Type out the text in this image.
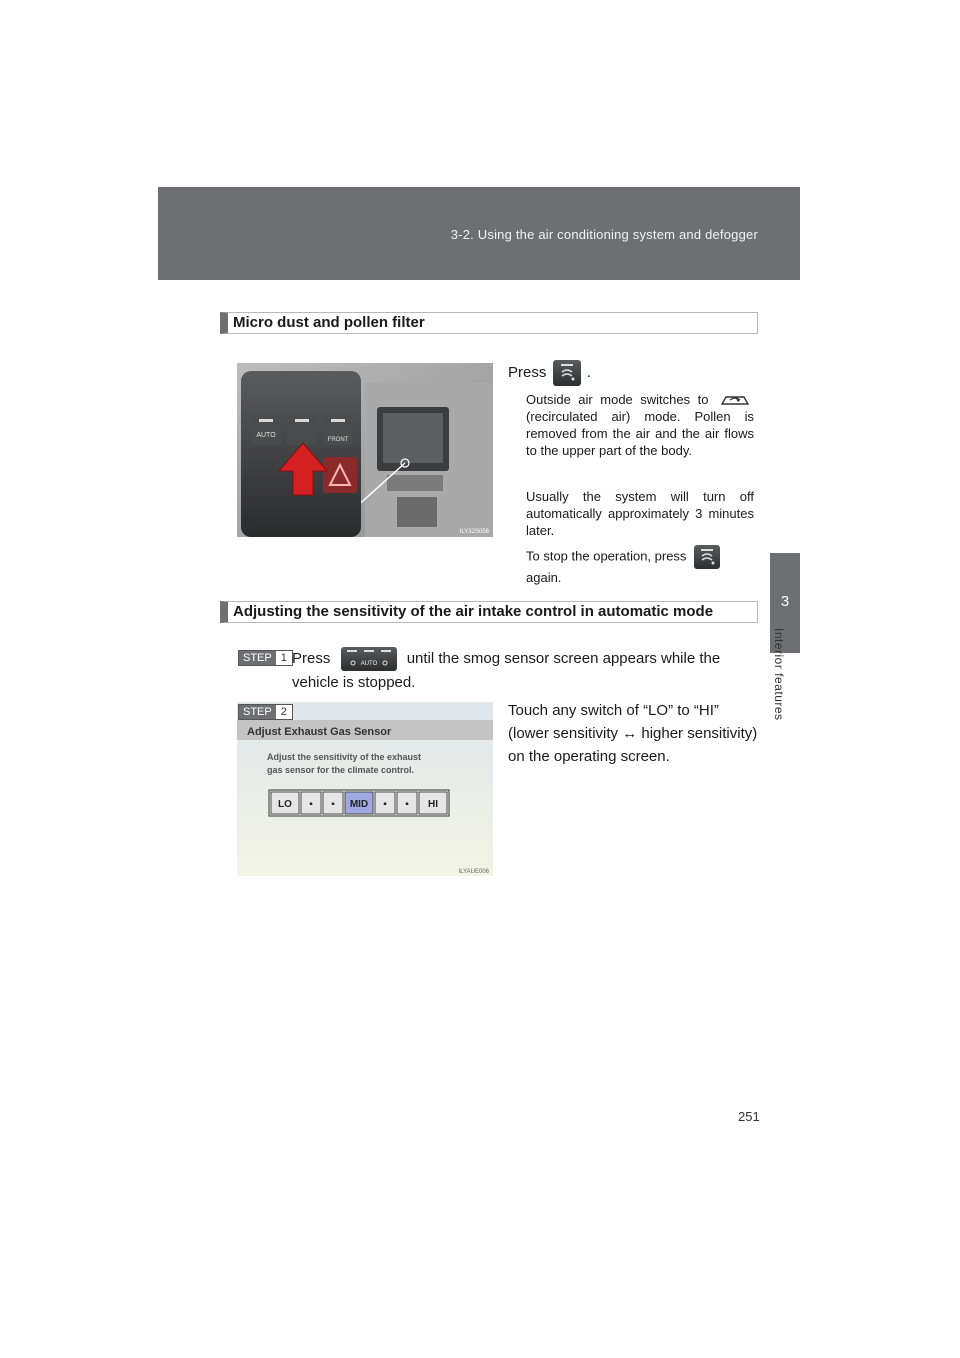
3-2. Using the air conditioning system and defogger
3
Interior features
Micro dust and pollen filter
AUTO
FRONT
ILY32S056
Press	.
Outside air mode switches to  (recirculated air) mode. Pollen is removed from the air and the air flows to the upper part of the body.
Usually the system will turn off automatically approximately 3 minutes later.
To stop the operation, press
again.
Adjusting the sensitivity of the air intake control in automatic mode
STEP 1 Press	AUTO until the smog sensor screen appears while the vehicle is stopped.
Adjust Exhaust Gas Sensor
Adjust the sensitivity of the exhaust
gas sensor for the climate control.
LO ▪ ▪ MID ▪ ▪ HI
ILYAUE006
STEP 2	Touch any switch of “LO” to “HI” (lower sensitivity ↔ higher sensitivity) on the operating screen.
251
